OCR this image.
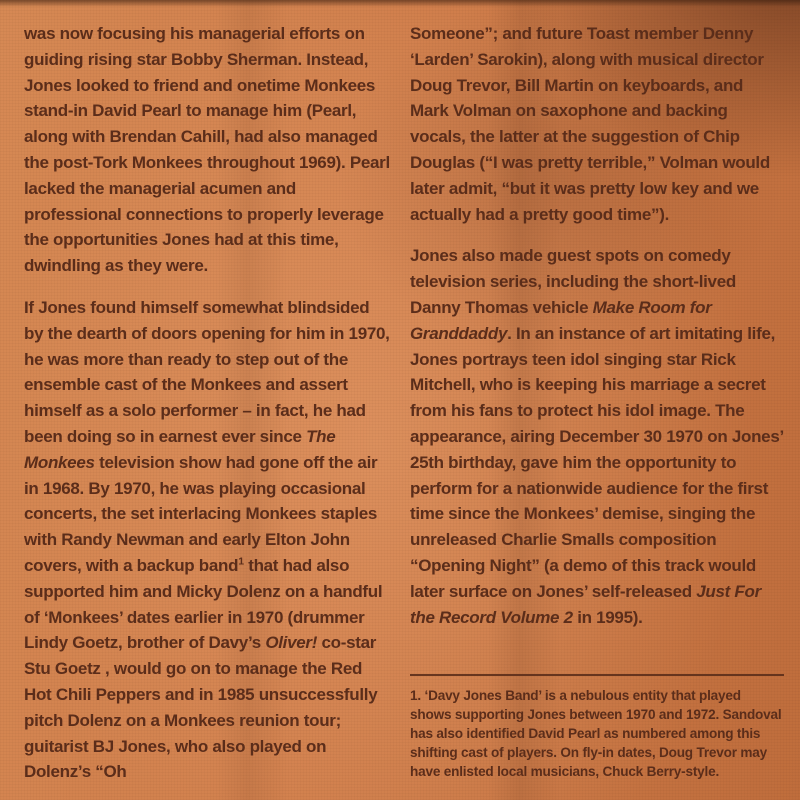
was now focusing his managerial efforts on guiding rising star Bobby Sherman. Instead, Jones looked to friend and onetime Monkees stand-in David Pearl to manage him (Pearl, along with Brendan Cahill, had also managed the post-Tork Monkees throughout 1969). Pearl lacked the managerial acumen and professional connections to properly leverage the opportunities Jones had at this time, dwindling as they were.

If Jones found himself somewhat blindsided by the dearth of doors opening for him in 1970, he was more than ready to step out of the ensemble cast of the Monkees and assert himself as a solo performer – in fact, he had been doing so in earnest ever since The Monkees television show had gone off the air in 1968. By 1970, he was playing occasional concerts, the set interlacing Monkees staples with Randy Newman and early Elton John covers, with a backup band$^1$ that had also supported him and Micky Dolenz on a handful of ‘Monkees’ dates earlier in 1970 (drummer Lindy Goetz, brother of Davy’s Oliver! co-star Stu Goetz , would go on to manage the Red Hot Chili Peppers and in 1985 unsuccessfully pitch Dolenz on a Monkees reunion tour; guitarist BJ Jones, who also played on Dolenz’s “Oh

Someone”; and future Toast member Denny ‘Larden’ Sarokin), along with musical director Doug Trevor, Bill Martin on keyboards, and Mark Volman on saxophone and backing vocals, the latter at the suggestion of Chip Douglas (“I was pretty terrible,” Volman would later admit, “but it was pretty low key and we actually had a pretty good time”).

Jones also made guest spots on comedy television series, including the short-lived Danny Thomas vehicle Make Room for Granddaddy. In an instance of art imitating life, Jones portrays teen idol singing star Rick Mitchell, who is keeping his marriage a secret from his fans to protect his idol image. The appearance, airing December 30 1970 on Jones’ 25th birthday, gave him the opportunity to perform for a nationwide audience for the first time since the Monkees’ demise, singing the unreleased Charlie Smalls composition “Opening Night” (a demo of this track would later surface on Jones’ self-released Just For the Record Volume 2 in 1995).

1. ‘Davy Jones Band’ is a nebulous entity that played shows supporting Jones between 1970 and 1972. Sandoval has also identified David Pearl as numbered among this shifting cast of players. On fly-in dates, Doug Trevor may have enlisted local musicians, Chuck Berry-style.
